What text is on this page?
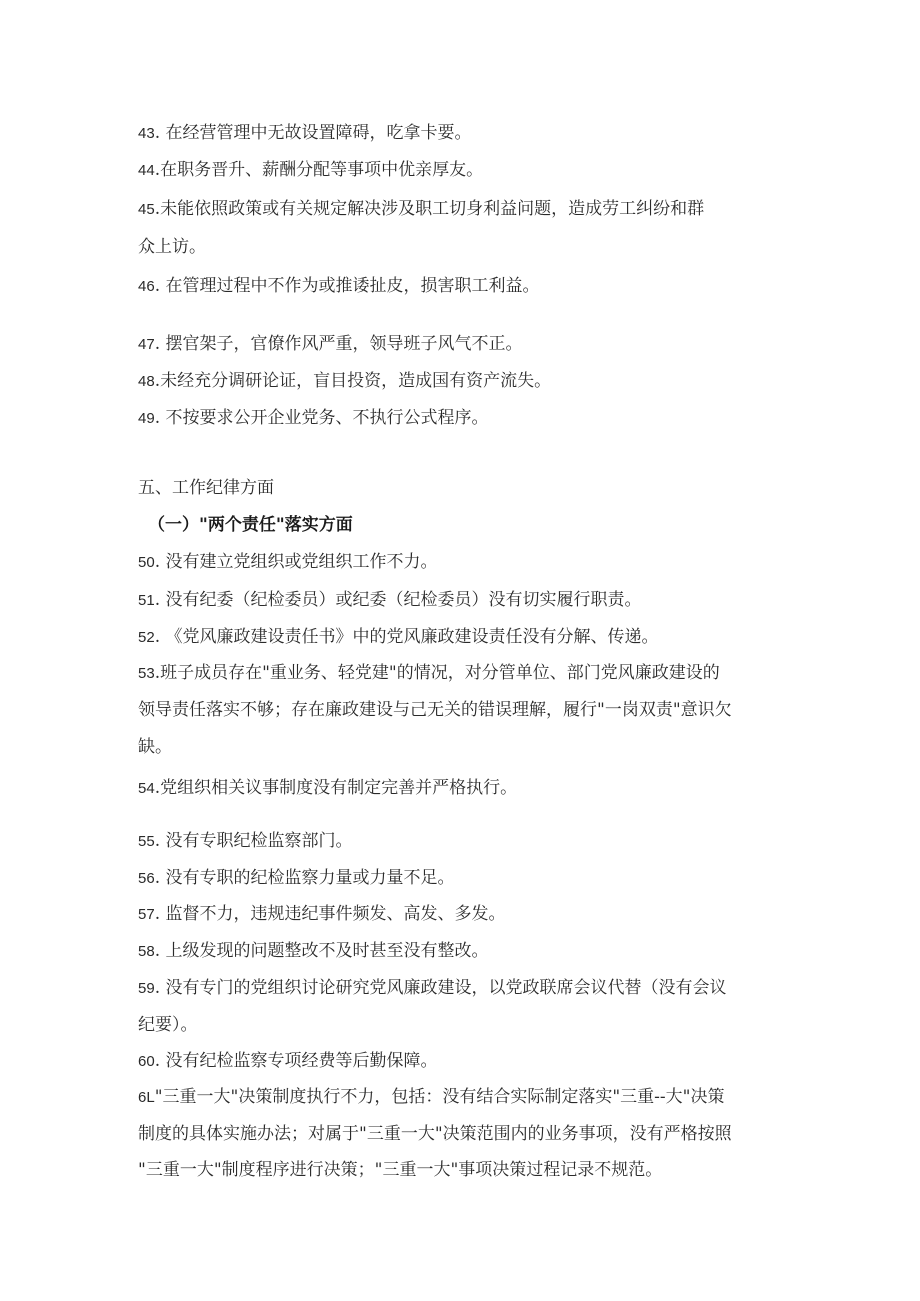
43. 在经营管理中无故设置障碍，吃拿卡要。
44.在职务晋升、薪酬分配等事项中优亲厚友。
45.未能依照政策或有关规定解决涉及职工切身利益问题，造成劳工纠纷和群
众上访。
46. 在管理过程中不作为或推诿扯皮，损害职工利益。
47. 摆官架子，官僚作风严重，领导班子风气不正。
48.未经充分调研论证，盲目投资，造成国有资产流失。
49. 不按要求公开企业党务、不执行公式程序。
五、工作纪律方面
（一）"两个责任"落实方面
50. 没有建立党组织或党组织工作不力。
51. 没有纪委（纪检委员）或纪委（纪检委员）没有切实履行职责。
52. 《党风廉政建设责任书》中的党风廉政建设责任没有分解、传递。
53.班子成员存在"重业务、轻党建"的情况，对分管单位、部门党风廉政建设的
领导责任落实不够；存在廉政建设与己无关的错误理解，履行"一岗双责"意识欠
缺。
54.党组织相关议事制度没有制定完善并严格执行。
55. 没有专职纪检监察部门。
56. 没有专职的纪检监察力量或力量不足。
57. 监督不力，违规违纪事件频发、高发、多发。
58. 上级发现的问题整改不及时甚至没有整改。
59. 没有专门的党组织讨论研究党风廉政建设，以党政联席会议代替（没有会议
纪要）。
60. 没有纪检监察专项经费等后勤保障。
6L"三重一大"决策制度执行不力，包括：没有结合实际制定落实"三重--大"决策
制度的具体实施办法；对属于"三重一大"决策范围内的业务事项，没有严格按照
"三重一大"制度程序进行决策；"三重一大"事项决策过程记录不规范。
